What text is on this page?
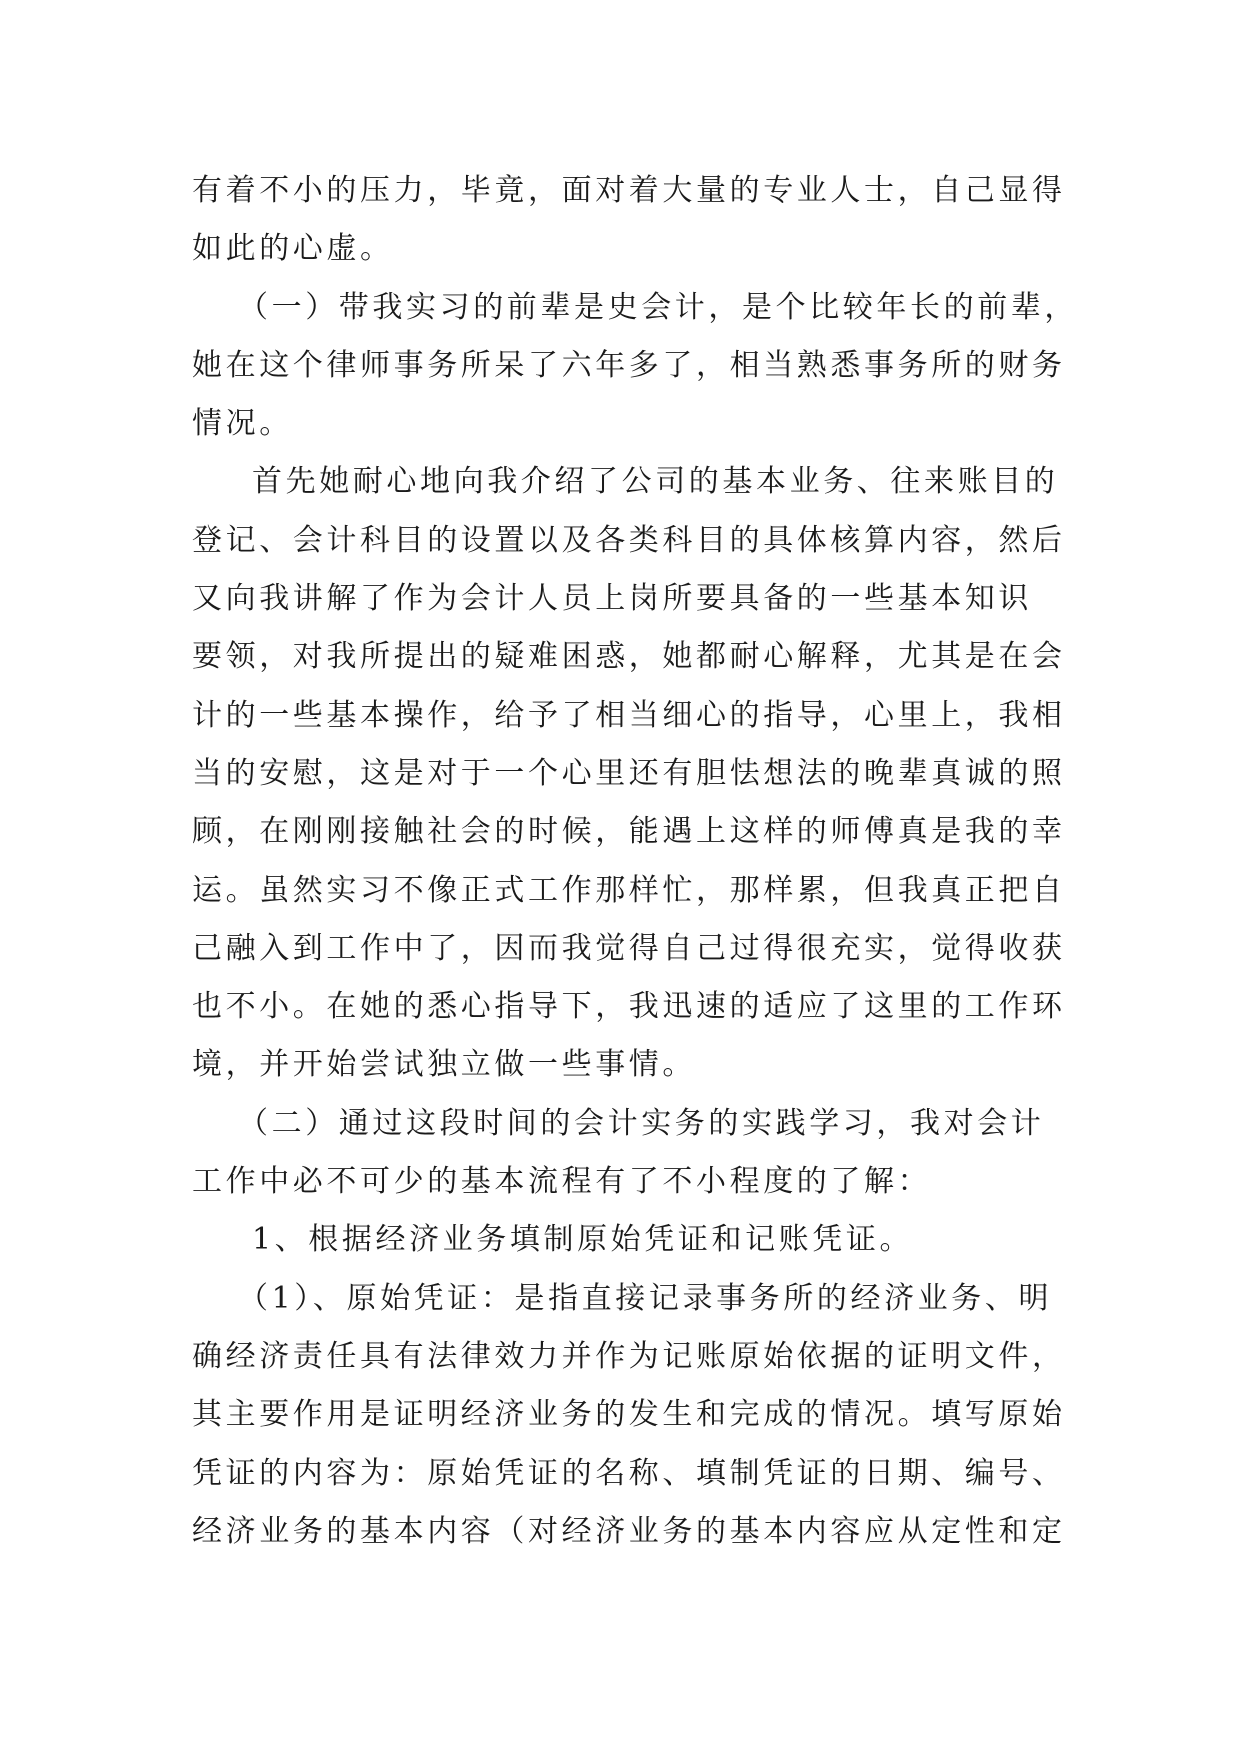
有着不小的压力，毕竟，面对着大量的专业人士，自己显得
如此的心虚。
（一）带我实习的前辈是史会计，是个比较年长的前辈，
她在这个律师事务所呆了六年多了，相当熟悉事务所的财务
情况。
首先她耐心地向我介绍了公司的基本业务、往来账目的
登记、会计科目的设置以及各类科目的具体核算内容，然后
又向我讲解了作为会计人员上岗所要具备的一些基本知识
要领，对我所提出的疑难困惑，她都耐心解释，尤其是在会
计的一些基本操作，给予了相当细心的指导，心里上，我相
当的安慰，这是对于一个心里还有胆怯想法的晚辈真诚的照
顾，在刚刚接触社会的时候，能遇上这样的师傅真是我的幸
运。虽然实习不像正式工作那样忙，那样累，但我真正把自
己融入到工作中了，因而我觉得自己过得很充实，觉得收获
也不小。在她的悉心指导下，我迅速的适应了这里的工作环
境，并开始尝试独立做一些事情。
（二）通过这段时间的会计实务的实践学习，我对会计
工作中必不可少的基本流程有了不小程度的了解：
1、根据经济业务填制原始凭证和记账凭证。
（1）、原始凭证：是指直接记录事务所的经济业务、明
确经济责任具有法律效力并作为记账原始依据的证明文件，
其主要作用是证明经济业务的发生和完成的情况。填写原始
凭证的内容为：原始凭证的名称、填制凭证的日期、编号、
经济业务的基本内容（对经济业务的基本内容应从定性和定
